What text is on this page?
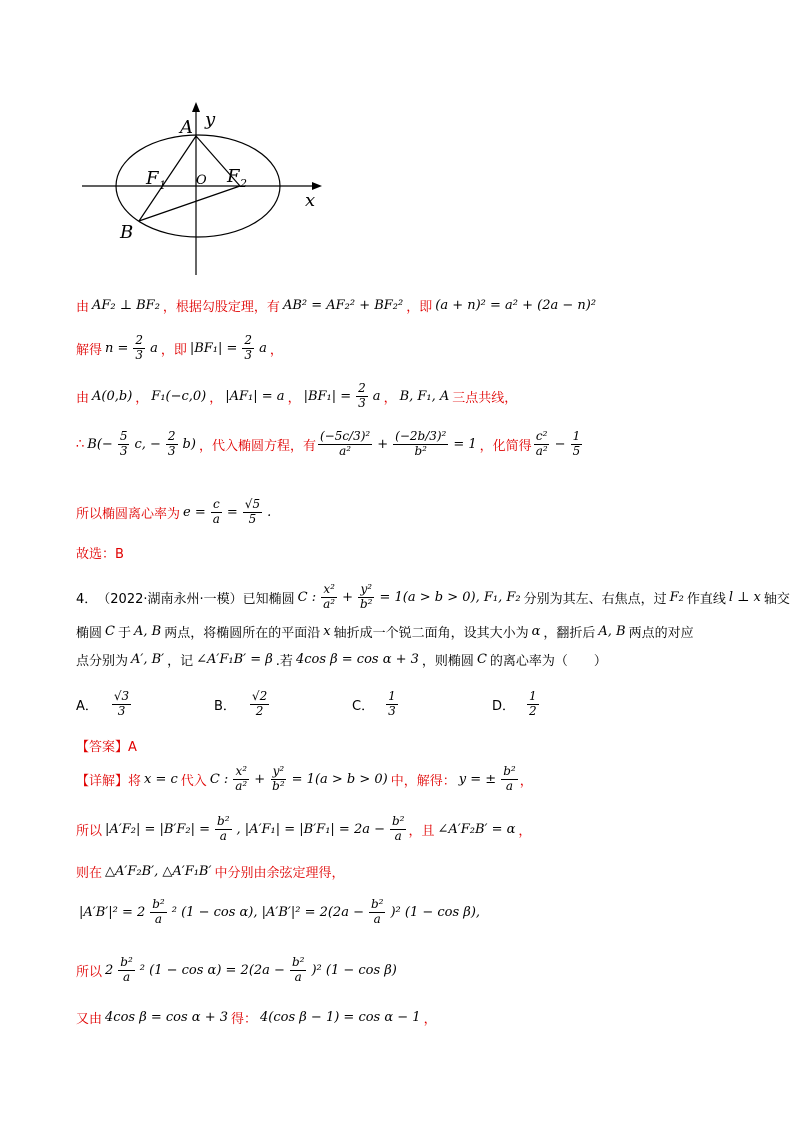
A y
F 1 O F 2
x
B
由 AF₂ ⊥ BF₂ ，根据勾股定理，有 AB² = AF₂² + BF₂² ，即 (a + n)² = a² + (2a − n)²
解得 $n = \frac{2}{3}$ a ，即 $|BF_1| = \frac{2}{3}$ a ，
由 A(0,b) ， F₁(−c,0) ， |AF₁| = a ， $|BF_1| = \frac{2}{3}$ a ， B, F₁, A 三点共线，
∴ $B(- \frac{5}{3} c$, − $\frac{2}{3} b$) ，代入椭圆方程，有 $\frac{\text{(−5c/3)²}}{\text{a²}} + \frac{\text{(−2b/3)²}}{\text{b²}} = 1$ ，化简得 $\frac{\text{c²}}{\text{a²}} - \frac{1}{5}$
所以椭圆离心率为 $e = \frac{c}{a} = \frac{√5}{5}$ .
故选：B
4． （2022·湖南永州·一模） 已知椭圆 C : $\frac{\text{x²}}{\text{a²}} + \frac{\text{y²}}{\text{b²}} = 1(a > b > 0)$, F₁, F₂ 分别为其左、右焦点，过 F₂ 作直线 l ⊥ x 轴交
椭圆 C 于 A, B 两点，将椭圆所在的平面沿 x 轴折成一个锐二面角，设其大小为 α ，翻折后 A, B 两点的对应
点分别为 A′, B′ ，记 ∠A′F₁B′ = β .若 4cos β = cos α + 3 ，则椭圆 C 的离心率为（　　）
A． $\frac{√3}{3}$	B． $\frac{√2}{2}$	C． $\frac{1}{3}$	D． $\frac{1}{2}$
【答案】A
【详解】将 x = c 代入 C : $\frac{\text{x²}}{\text{a²}} + \frac{\text{y²}}{\text{b²}} = 1(a > b > 0)$ 中，解得： y = ± $\frac{\text{b²}}{a}$ ，
所以 $|A'F_2| = |B'F_2| = \frac{\text{b²}}{a}$ , $|A'F_1| = |B'F_1| = 2a - \frac{\text{b²}}{a}$ ，且 ∠A′F₂B′ = α ，
则在 △A′F₂B′, △A′F₁B′ 中分别由余弦定理得，
$|A'B'|^2 = 2 \frac{\text{b²}}{a} ^2$ (1 − cos α), $|A'B'|^2 = 2(2a - \frac{\text{b²}}{a} )^2$ (1 − cos β),
所以 $2 \frac{\text{b²}}{a} ^2$ $(1 - \cos \alpha) = 2(2a - \frac{\text{b²}}{a} )^2$ (1 − cos β)
又由 4cos β = cos α + 3 得： 4(cos β − 1) = cos α − 1 ，
